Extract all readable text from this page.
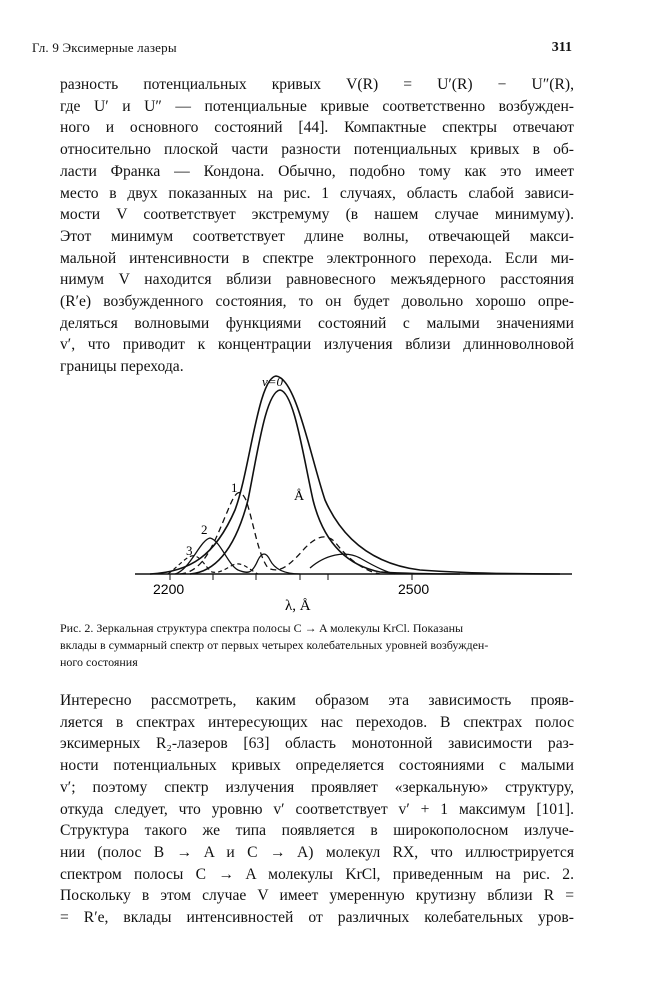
Гл. 9 Эксимерные лазеры	311
разность потенциальных кривых V(R) = U′(R) − U″(R),
где U′ и U″ — потенциальные кривые соответственно возбужден-
ного и основного состояний [44]. Компактные спектры отвечают
относительно плоской части разности потенциальных кривых в об-
ласти Франка — Кондона. Обычно, подобно тому как это имеет
место в двух показанных на рис. 1 случаях, область слабой зависи-
мости V соответствует экстремуму (в нашем случае минимуму).
Этот минимум соответствует длине волны, отвечающей макси-
мальной интенсивности в спектре электронного перехода. Если ми-
нимум V находится вблизи равновесного межъядерного расстояния
(R′e) возбужденного состояния, то он будет довольно хорошо опре-
деляться волновыми функциями состояний с малыми значениями
v′, что приводит к концентрации излучения вблизи длинноволновой
границы перехода.
v=0
1
2
3
Å
2200	2500
λ, Å
Рис. 2. Зеркальная структура спектра полосы C → A молекулы KrCl. Показаны
вклады в суммарный спектр от первых четырех колебательных уровней возбужден-
ного состояния
Интересно рассмотреть, каким образом эта зависимость прояв-
ляется в спектрах интересующих нас переходов. В спектрах полос
эксимерных R₂-лазеров [63] область монотонной зависимости раз-
ности потенциальных кривых определяется состояниями с малыми
v′; поэтому спектр излучения проявляет «зеркальную» структуру,
откуда следует, что уровню v′ соответствует v′ + 1 максимум [101].
Структура такого же типа появляется в широкополосном излуче-
нии (полос B → A и C → A) молекул RX, что иллюстрируется
спектром полосы C → A молекулы KrCl, приведенным на рис. 2.
Поскольку в этом случае V имеет умеренную крутизну вблизи R =
= R′e, вклады интенсивностей от различных колебательных уров-
